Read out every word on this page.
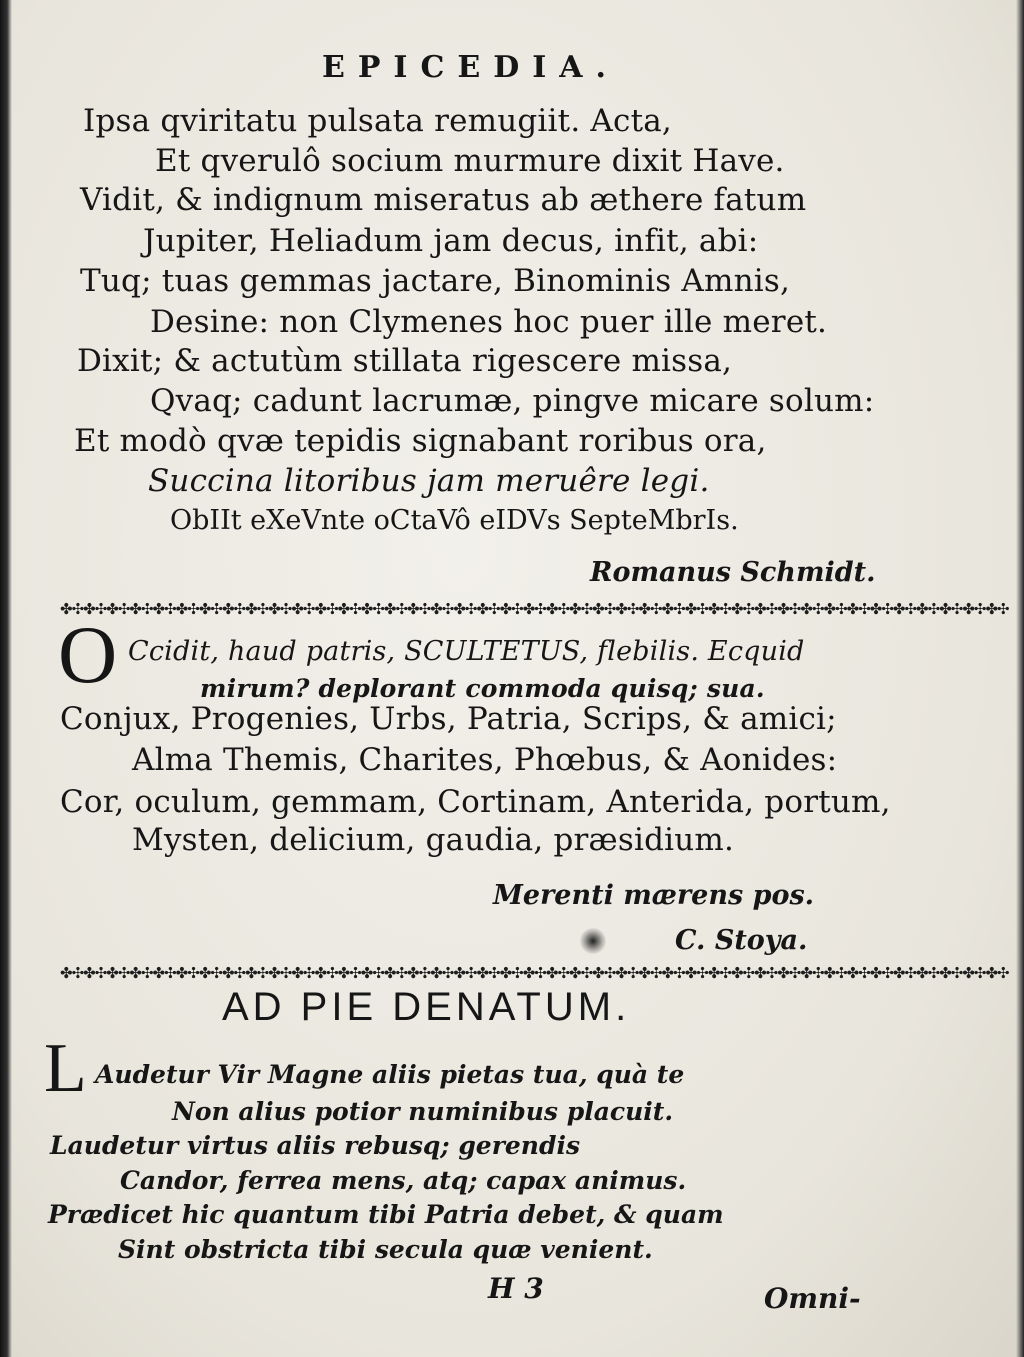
EPICEDIA.
Ipsa qviritatu pulsata remugiit. Acta,
Et qverulô socium murmure dixit Have.
Vidit, & indignum miseratus ab æthere fatum
Jupiter, Heliadum jam decus, infit, abi:
Tuq; tuas gemmas jactare, Binominis Amnis,
Desine: non Clymenes hoc puer ille meret.
Dixit; & actutùm stillata rigescere missa,
Qvaq; cadunt lacrumæ, pingve micare solum:
Et modò qvæ tepidis signabant roribus ora,
Succina litoribus jam meruêre legi.
ObIIt eXeVnte oCtaVô eIDVs SepteMbrIs.
Romanus Schmidt.
✤✣✤✣✤✣✤✣✤✣✤✣✤✣✤✣✤✣✤✣✤✣✤✣✤✣✤✣✤✣✤✣✤✣✤✣✤✣✤✣✤✣✤✣✤✣✤✣✤✣✤✣✤✣✤✣✤✣✤✣✤✣✤✣✤✣✤✣✤✣✤✣✤✣✤✣✤✣✤✣✤✣
O Ccidit, haud patris, SCULTETUS, flebilis. Ecquid
mirum? deplorant commoda quisq; sua.
Conjux, Progenies, Urbs, Patria, Scrips, & amici;
Alma Themis, Charites, Phœbus, & Aonides:
Cor, oculum, gemmam, Cortinam, Anterida, portum,
Mysten, delicium, gaudia, præsidium.
Merenti mærens pos.
C. Stoya.
✤✣✤✣✤✣✤✣✤✣✤✣✤✣✤✣✤✣✤✣✤✣✤✣✤✣✤✣✤✣✤✣✤✣✤✣✤✣✤✣✤✣✤✣✤✣✤✣✤✣✤✣✤✣✤✣✤✣✤✣✤✣✤✣✤✣✤✣✤✣✤✣✤✣✤✣✤✣✤✣✤✣
AD PIE DENATUM.
L Audetur Vir Magne aliis pietas tua, quà te
Non alius potior numinibus placuit.
Laudetur virtus aliis rebusq; gerendis
Candor, ferrea mens, atq; capax animus.
Prædicet hic quantum tibi Patria debet, & quam
Sint obstricta tibi secula quæ venient.
H 3	Omni-
